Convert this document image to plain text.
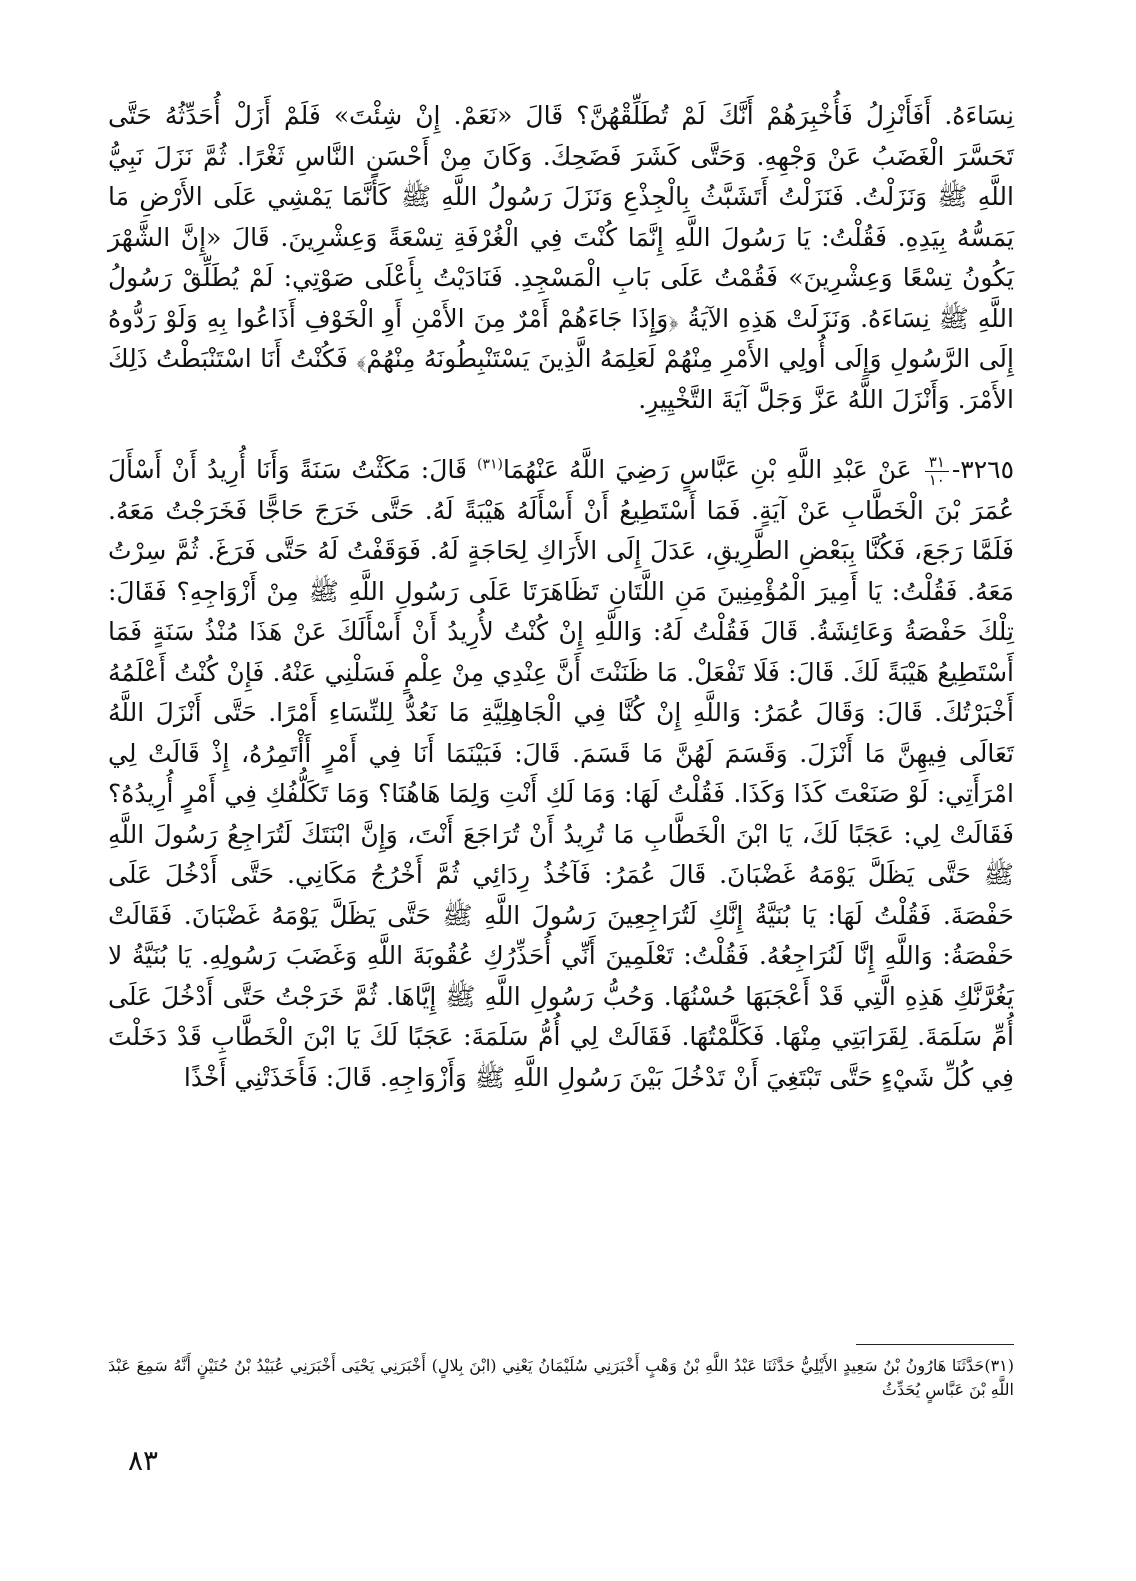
نِسَاءَهُ. أَفَأَنْزِلُ فَأُخْبِرَهُمْ أَنَّكَ لَمْ تُطَلِّقْهُنَّ؟ قَالَ «نَعَمْ. إِنْ شِئْتَ» فَلَمْ أَزَلْ أُحَدِّثُهُ حَتَّى تَحَسَّرَ الْغَضَبُ عَنْ وَجْهِهِ. وَحَتَّى كَشَرَ فَضَحِكَ. وَكَانَ مِنْ أَحْسَنِ النَّاسِ ثَغْرًا. ثُمَّ نَزَلَ نَبِيُّ اللَّهِ ﷺ وَنَزَلْتُ. فَنَزَلْتُ أَتَشَبَّثُ بِالْجِذْعِ وَنَزَلَ رَسُولُ اللَّهِ ﷺ كَأَنَّمَا يَمْشِي عَلَى الأَرْضِ مَا يَمَسُّهُ بِيَدِهِ. فَقُلْتُ: يَا رَسُولَ اللَّهِ إِنَّمَا كُنْتَ فِي الْغُرْفَةِ تِسْعَةً وَعِشْرِينَ. قَالَ «إِنَّ الشَّهْرَ يَكُونُ تِسْعًا وَعِشْرِينَ» فَقُمْتُ عَلَى بَابِ الْمَسْجِدِ. فَنَادَيْتُ بِأَعْلَى صَوْتِي: لَمْ يُطَلِّقْ رَسُولُ اللَّهِ ﷺ نِسَاءَهُ. وَنَزَلَتْ هَذِهِ الآيَةُ ﴿وَإِذَا جَاءَهُمْ أَمْرٌ مِنَ الأَمْنِ أَوِ الْخَوْفِ أَذَاعُوا بِهِ وَلَوْ رَدُّوهُ إِلَى الرَّسُولِ وَإِلَى أُولِي الأَمْرِ مِنْهُمْ لَعَلِمَهُ الَّذِينَ يَسْتَنْبِطُونَهُ مِنْهُمْ﴾ فَكُنْتُ أَنَا اسْتَنْبَطْتُ ذَلِكَ الأَمْرَ. وَأَنْزَلَ اللَّهُ عَزَّ وَجَلَّ آيَةَ التَّخْيِيرِ.

٣٢٦٥-
$\frac{٣١}{١٠}$
عَنْ عَبْدِ اللَّهِ بْنِ عَبَّاسٍ رَضِيَ اللَّهُ عَنْهُمَا$^{(٣١)}$ قَالَ: مَكَثْتُ سَنَةً وَأَنَا أُرِيدُ أَنْ أَسْأَلَ عُمَرَ بْنَ الْخَطَّابِ عَنْ آيَةٍ. فَمَا أَسْتَطِيعُ أَنْ أَسْأَلَهُ هَيْبَةً لَهُ. حَتَّى خَرَجَ حَاجًّا فَخَرَجْتُ مَعَهُ. فَلَمَّا رَجَعَ، فَكُنَّا بِبَعْضِ الطَّرِيقِ، عَدَلَ إِلَى الأَرَاكِ لِحَاجَةٍ لَهُ. فَوَقَفْتُ لَهُ حَتَّى فَرَغَ. ثُمَّ سِرْتُ مَعَهُ. فَقُلْتُ: يَا أَمِيرَ الْمُؤْمِنِينَ مَنِ اللَّتَانِ تَظَاهَرَتَا عَلَى رَسُولِ اللَّهِ ﷺ مِنْ أَزْوَاجِهِ؟ فَقَالَ: تِلْكَ حَفْصَةُ وَعَائِشَةُ. قَالَ فَقُلْتُ لَهُ: وَاللَّهِ إِنْ كُنْتُ لأُرِيدُ أَنْ أَسْأَلَكَ عَنْ هَذَا مُنْذُ سَنَةٍ فَمَا أَسْتَطِيعُ هَيْبَةً لَكَ. قَالَ: فَلَا تَفْعَلْ. مَا ظَنَنْتَ أَنَّ عِنْدِي مِنْ عِلْمٍ فَسَلْنِي عَنْهُ. فَإِنْ كُنْتُ أَعْلَمُهُ أَخْبَرْتُكَ. قَالَ: وَقَالَ عُمَرُ: وَاللَّهِ إِنْ كُنَّا فِي الْجَاهِلِيَّةِ مَا نَعُدُّ لِلنِّسَاءِ أَمْرًا. حَتَّى أَنْزَلَ اللَّهُ تَعَالَى فِيهِنَّ مَا أَنْزَلَ. وَقَسَمَ لَهُنَّ مَا قَسَمَ. قَالَ: فَبَيْنَمَا أَنَا فِي أَمْرٍ أَأْتَمِرُهُ، إِذْ قَالَتْ لِي امْرَأَتِي: لَوْ صَنَعْتَ كَذَا وَكَذَا. فَقُلْتُ لَهَا: وَمَا لَكِ أَنْتِ وَلِمَا هَاهُنَا؟ وَمَا تَكَلُّفُكِ فِي أَمْرٍ أُرِيدُهُ؟ فَقَالَتْ لِي: عَجَبًا لَكَ، يَا ابْنَ الْخَطَّابِ مَا تُرِيدُ أَنْ تُرَاجَعَ أَنْتَ، وَإِنَّ ابْنَتَكَ لَتُرَاجِعُ رَسُولَ اللَّهِ ﷺ حَتَّى يَظَلَّ يَوْمَهُ غَضْبَانَ. قَالَ عُمَرُ: فَآخُذُ رِدَائِي ثُمَّ أَخْرُجُ مَكَانِي. حَتَّى أَدْخُلَ عَلَى حَفْصَةَ. فَقُلْتُ لَهَا: يَا بُنَيَّةُ إِنَّكِ لَتُرَاجِعِينَ رَسُولَ اللَّهِ ﷺ حَتَّى يَظَلَّ يَوْمَهُ غَضْبَانَ. فَقَالَتْ حَفْصَةُ: وَاللَّهِ إِنَّا لَنُرَاجِعُهُ. فَقُلْتُ: تَعْلَمِينَ أَنِّي أُحَذِّرُكِ عُقُوبَةَ اللَّهِ وَغَضَبَ رَسُولِهِ. يَا بُنَيَّةُ لا يَغُرَّنَّكِ هَذِهِ الَّتِي قَدْ أَعْجَبَهَا حُسْنُهَا. وَحُبُّ رَسُولِ اللَّهِ ﷺ إِيَّاهَا. ثُمَّ خَرَجْتُ حَتَّى أَدْخُلَ عَلَى أُمِّ سَلَمَةَ. لِقَرَابَتِي مِنْهَا. فَكَلَّمْتُهَا. فَقَالَتْ لِي أُمُّ سَلَمَةَ: عَجَبًا لَكَ يَا ابْنَ الْخَطَّابِ قَدْ دَخَلْتَ فِي كُلِّ شَيْءٍ حَتَّى تَبْتَغِيَ أَنْ تَدْخُلَ بَيْنَ رَسُولِ اللَّهِ ﷺ وَأَزْوَاجِهِ. قَالَ: فَأَخَذَتْنِي أَخْذًا

(٣١)حَدَّثَنَا هَارُونُ بْنُ سَعِيدٍ الأَيْلِيُّ حَدَّثَنَا عَبْدُ اللَّهِ بْنُ وَهْبٍ أَخْبَرَنِي سُلَيْمَانُ يَعْنِي (ابْنَ بِلالٍ) أَخْبَرَنِي يَحْيَى أَخْبَرَنِي عُبَيْدُ بْنُ حُنَيْنٍ أَنَّهُ سَمِعَ عَبْدَ اللَّهِ بْنَ عَبَّاسٍ يُحَدِّثُ

٨٣
